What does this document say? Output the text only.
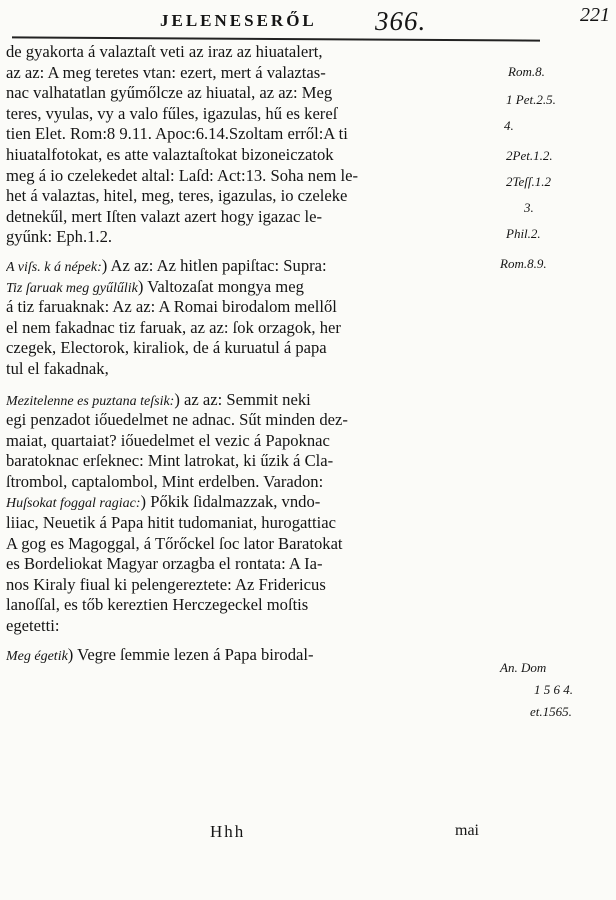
JELENESERŐL 366.	221
de gyakorta á valaztaſt veti az iraz az hiuatalert,
az az: A meg teretes vtan: ezert, mert á valaztas-
nac valhatatlan gyűmőlcze az hiuatal, az az: Meg
teres, vyulas, vy a valo fűles, igazulas, hű es kereſ
tien Elet. Rom:8 9.11. Apoc:6.14.Szoltam erről:A ti
hiuatalfotokat, es atte valaztaſtokat bizoneiczatok
meg á io czelekedet altal: Laſd: Act:13. Soha nem le-
het á valaztas, hitel, meg, teres, igazulas, io czeleke
detnekűl, mert Iſten valazt azert hogy igazac le-
gyűnk: Eph.1.2.
A viſs. k á népek:) Az az: Az hitlen papiſtac: Supra:
Tiz ſaruak meg gyűlűlik) Valtozaſat mongya meg
á tiz faruaknak: Az az: A Romai birodalom mellől
el nem fakadnac tiz faruak, az az: ſok orzagok, her
czegek, Electorok, kiraliok, de á kuruatul á papa
tul el fakadnak,
Mezitelenne es puztana teſsik:) az az: Semmit neki
egi penzadot iőuedelmet ne adnac. Sűt minden dez-
maiat, quartaiat? iőuedelmet el vezic á Papoknac
baratoknac erſeknec: Mint latrokat, ki űzik á Cla-
ſtrombol, captalombol, Mint erdelben. Varadon:
Huſsokat foggal ragiac:) Pőkik ſidalmazzak, vndo-
liiac, Neuetik á Papa hitit tudomaniat, hurogattiac
A gog es Magoggal, á Tőrőckel ſoc lator Baratokat
es Bordeliokat Magyar orzagba el rontata: A Ia-
nos Kiraly fiual ki pelengereztete: Az Fridericus
lanoſſal, es tőb kereztien Herczegeckel moſtis
egetetti:
Meg égetik) Vegre ſemmie lezen á Papa birodal-
Rom.8.
1 Pet.2.5.
4.
2Pet.1.2.
2Teſſ.1.2
3.
Phil.2.
Rom.8.9.
An. Dom
1 5 6 4.
et.1565.
Hhh	mai
